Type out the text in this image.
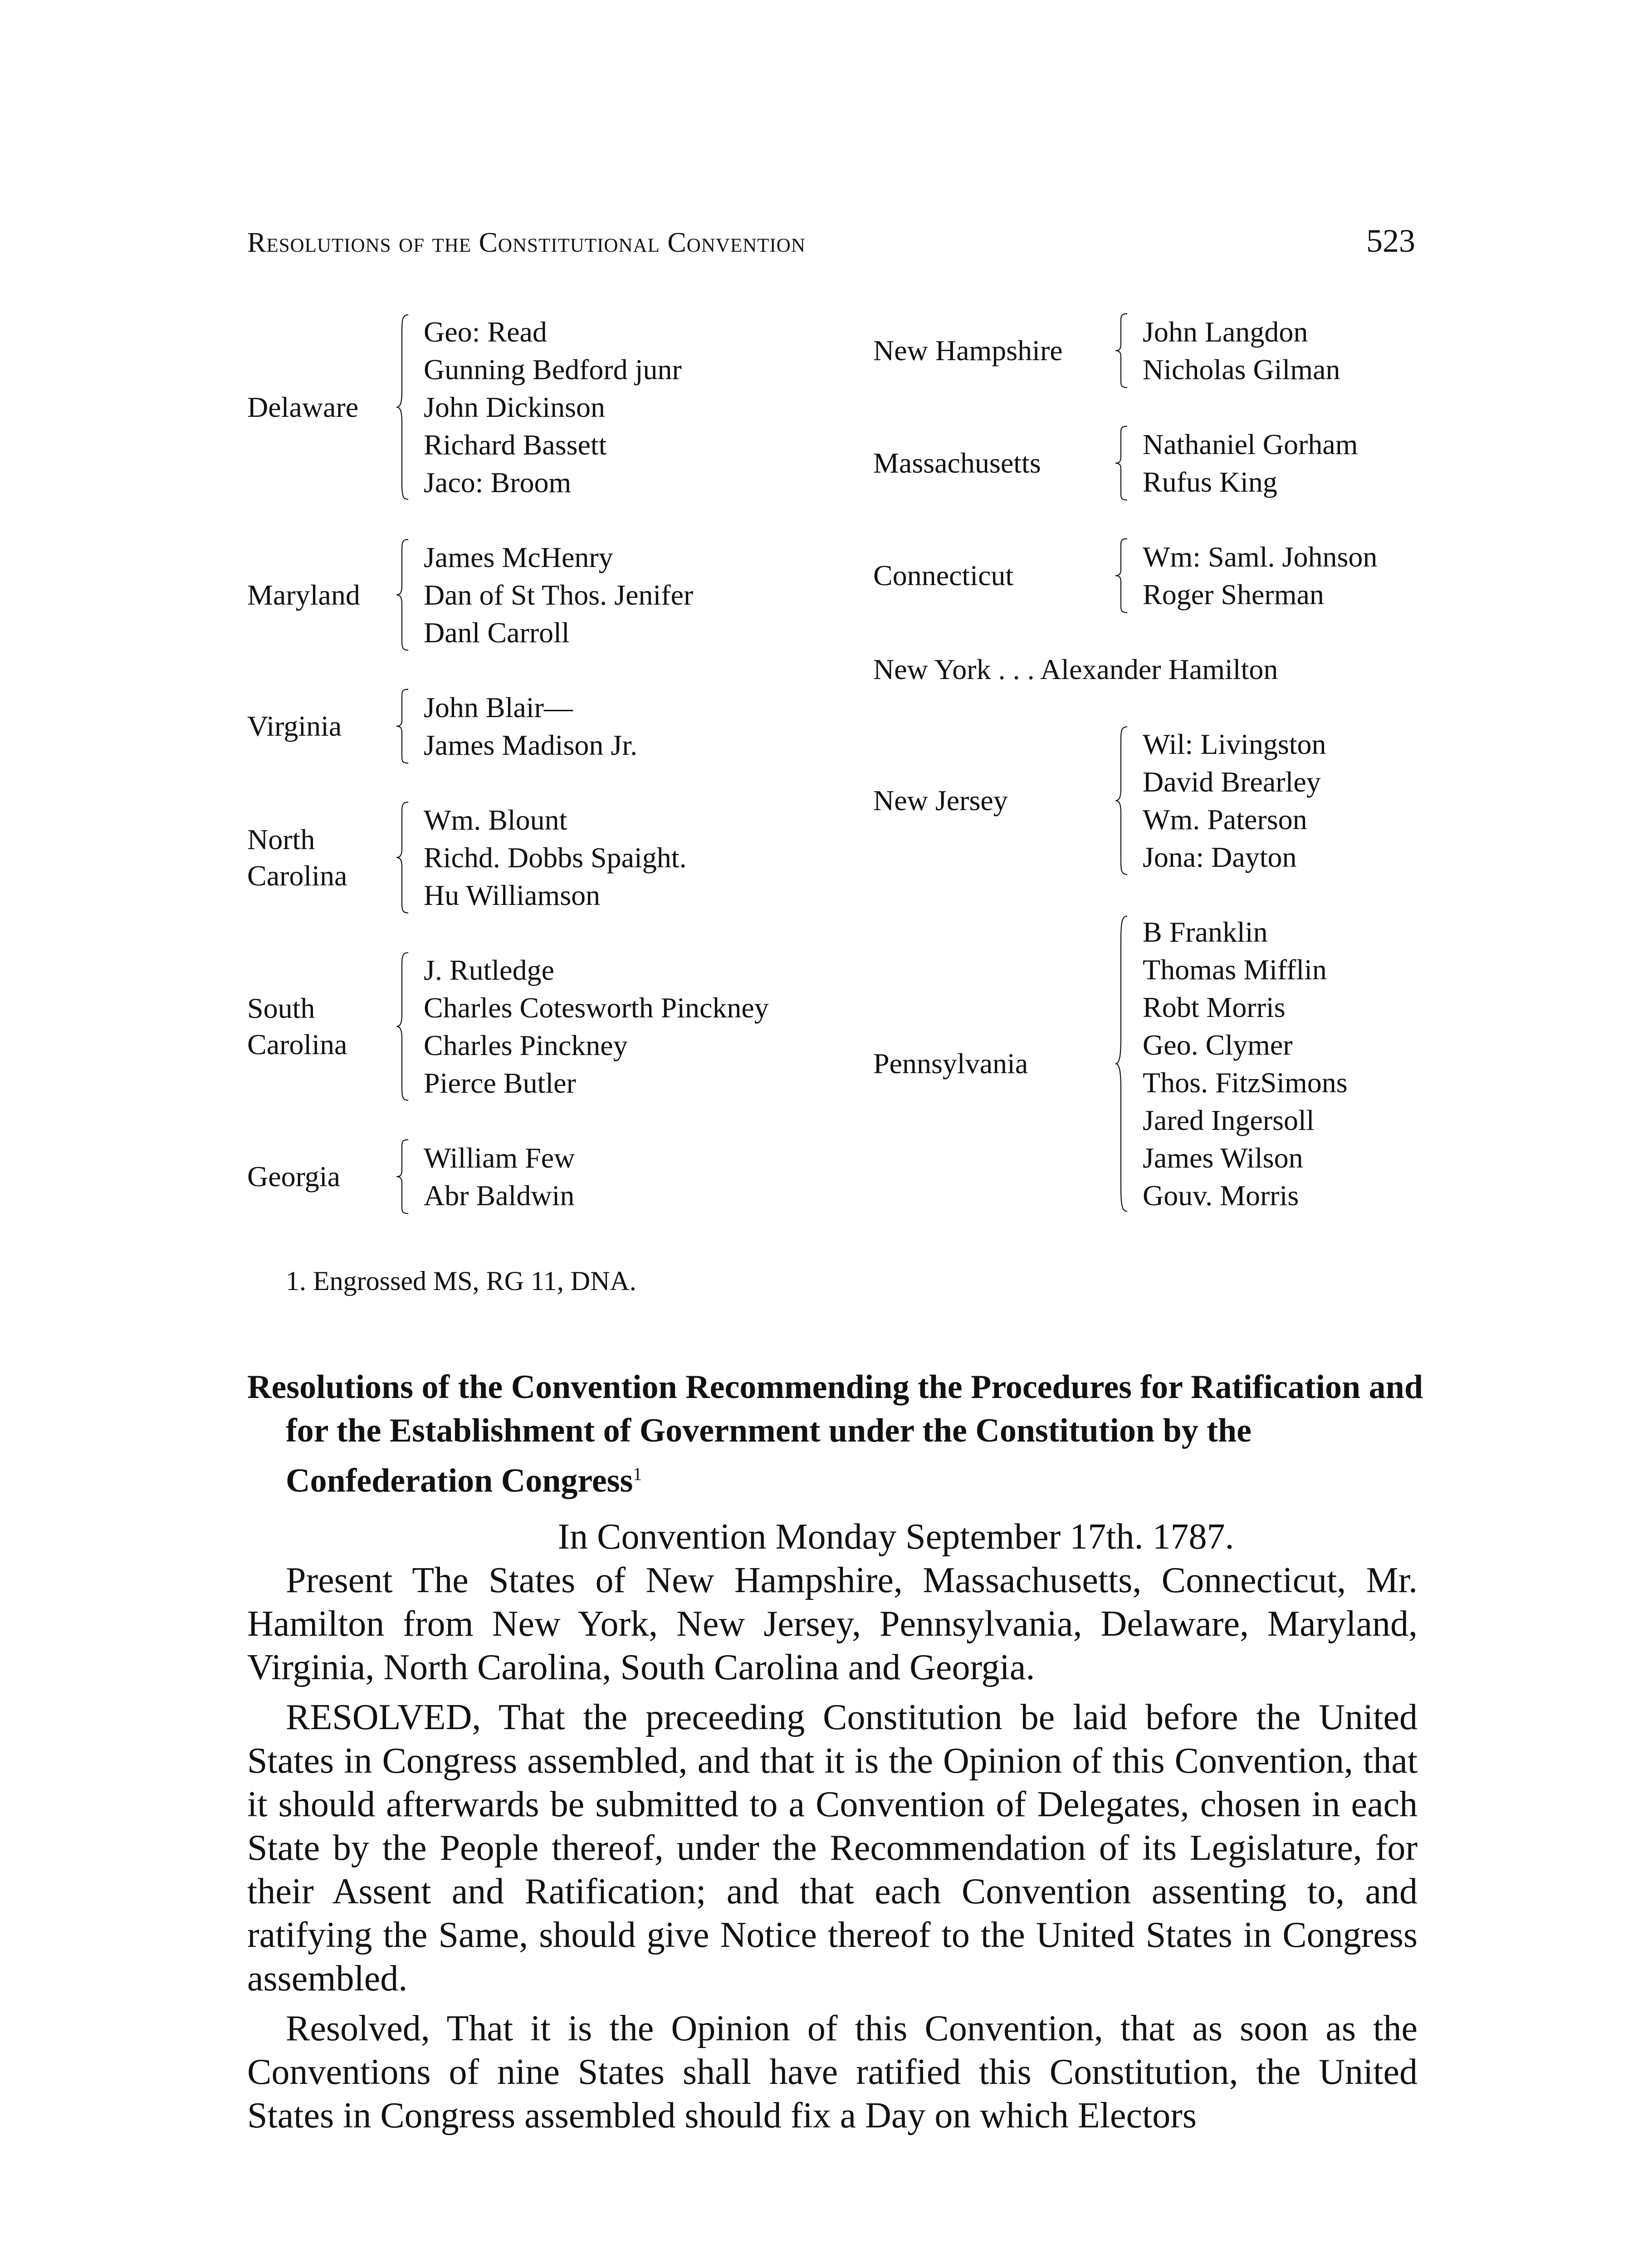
Resolutions of the Constitutional Convention	523
Delaware
Geo: Read
Gunning Bedford junr
John Dickinson
Richard Bassett
Jaco: Broom
Maryland
James McHenry
Dan of St Thos. Jenifer
Danl Carroll
Virginia
John Blair—
James Madison Jr.
North
Carolina
Wm. Blount
Richd. Dobbs Spaight.
Hu Williamson
South
Carolina
J. Rutledge
Charles Cotesworth Pinckney
Charles Pinckney
Pierce Butler
Georgia
William Few
Abr Baldwin
New Hampshire
John Langdon
Nicholas Gilman
Massachusetts
Nathaniel Gorham
Rufus King
Connecticut
Wm: Saml. Johnson
Roger Sherman
New York . . . Alexander Hamilton
New Jersey
Wil: Livingston
David Brearley
Wm. Paterson
Jona: Dayton
Pennsylvania
B Franklin
Thomas Mifflin
Robt Morris
Geo. Clymer
Thos. FitzSimons
Jared Ingersoll
James Wilson
Gouv. Morris
1. Engrossed MS, RG 11, DNA.
Resolutions of the Convention Recommending the Procedures for Ratification and for the Establishment of Government under the Constitution by the Confederation Congress$^1$
In Convention Monday September 17th. 1787.

Present The States of New Hampshire, Massachusetts, Connecticut, Mr. Hamilton from New York, New Jersey, Pennsylvania, Delaware, Maryland, Virginia, North Carolina, South Carolina and Georgia.

RESOLVED, That the preceeding Constitution be laid before the United States in Congress assembled, and that it is the Opinion of this Convention, that it should afterwards be submitted to a Convention of Delegates, chosen in each State by the People thereof, under the Recommendation of its Legislature, for their Assent and Ratification; and that each Convention assenting to, and ratifying the Same, should give Notice thereof to the United States in Congress assembled.

Resolved, That it is the Opinion of this Convention, that as soon as the Conventions of nine States shall have ratified this Constitution, the United States in Congress assembled should fix a Day on which Electors
